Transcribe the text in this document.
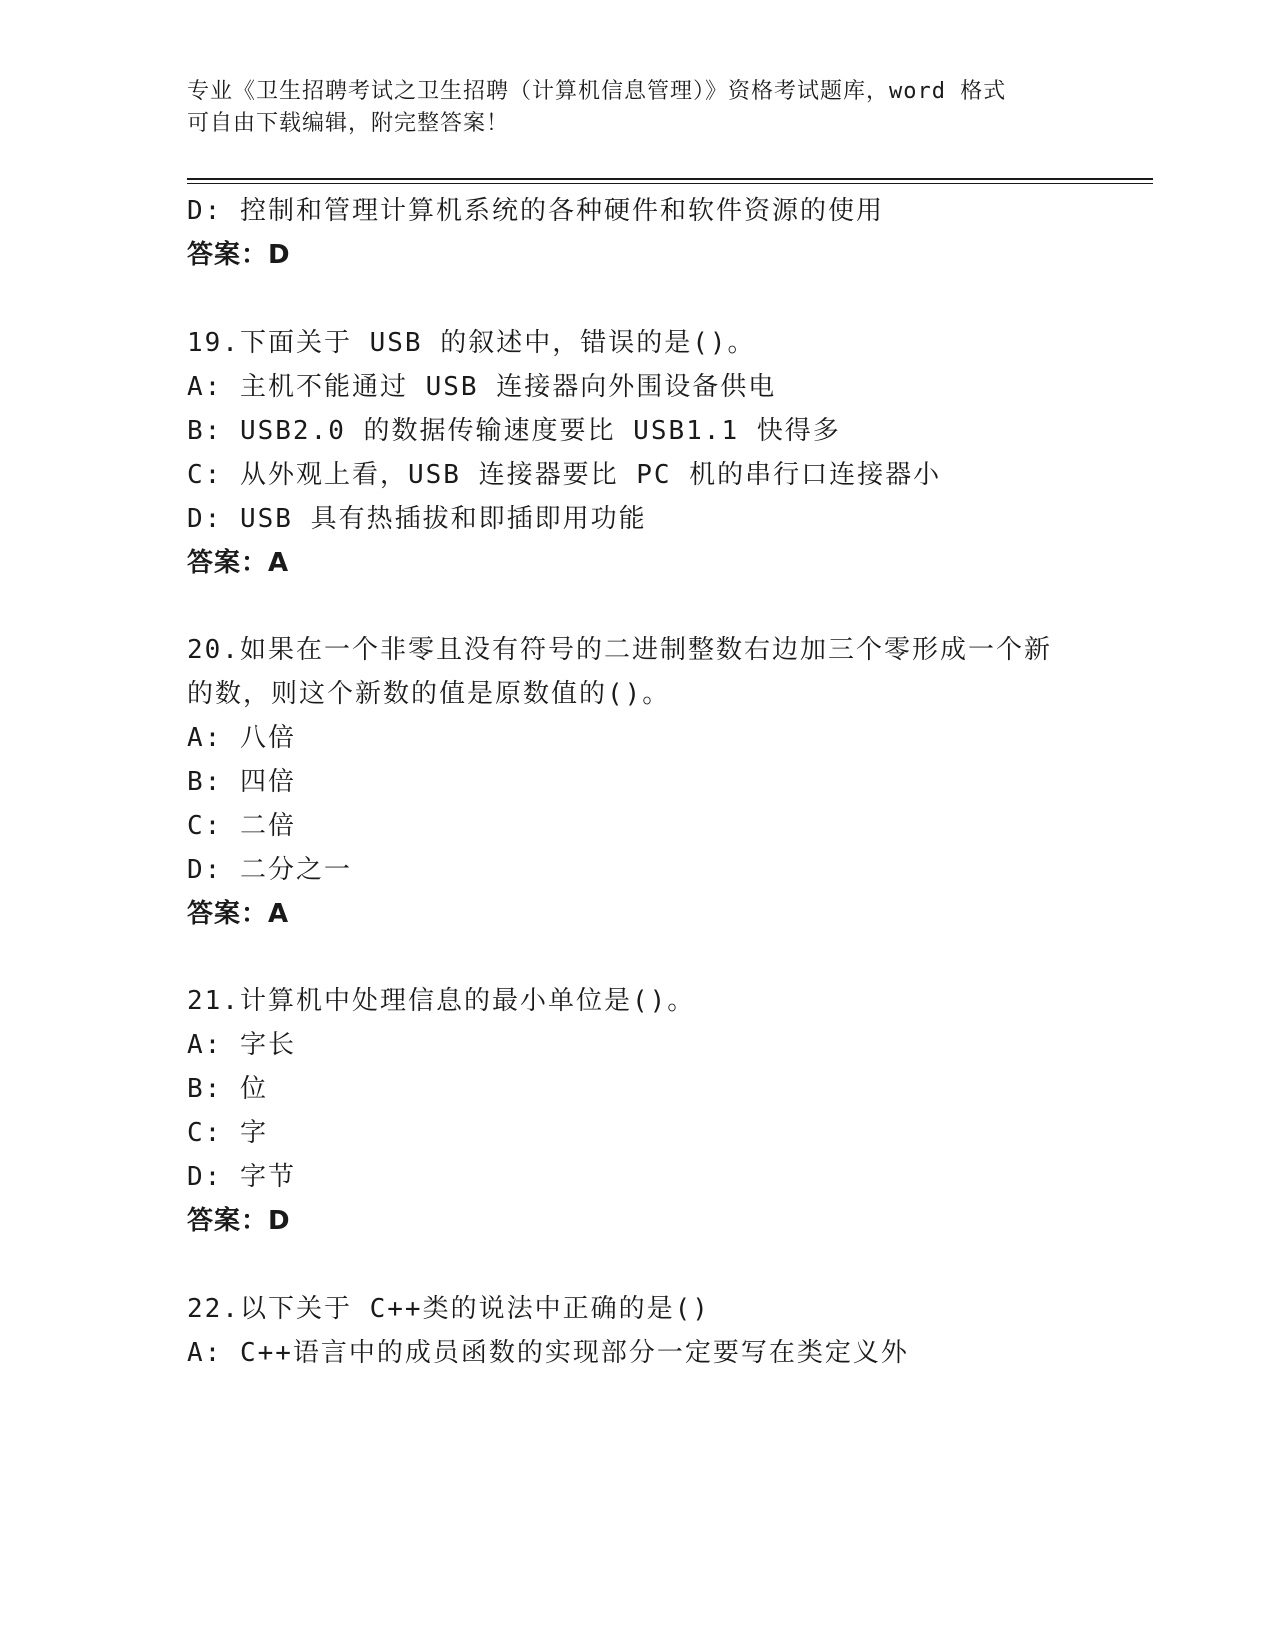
专业《卫生招聘考试之卫生招聘（计算机信息管理）》资格考试题库，word 格式
可自由下载编辑，附完整答案！
D: 控制和管理计算机系统的各种硬件和软件资源的使用
答案：D
19.下面关于 USB 的叙述中，错误的是()。
A: 主机不能通过 USB 连接器向外围设备供电
B: USB2.0 的数据传输速度要比 USB1.1 快得多
C: 从外观上看，USB 连接器要比 PC 机的串行口连接器小
D: USB 具有热插拔和即插即用功能
答案：A
20.如果在一个非零且没有符号的二进制整数右边加三个零形成一个新
的数，则这个新数的值是原数值的()。
A: 八倍
B: 四倍
C: 二倍
D: 二分之一
答案：A
21.计算机中处理信息的最小单位是()。
A: 字长
B: 位
C: 字
D: 字节
答案：D
22.以下关于 C++类的说法中正确的是()
A: C++语言中的成员函数的实现部分一定要写在类定义外
